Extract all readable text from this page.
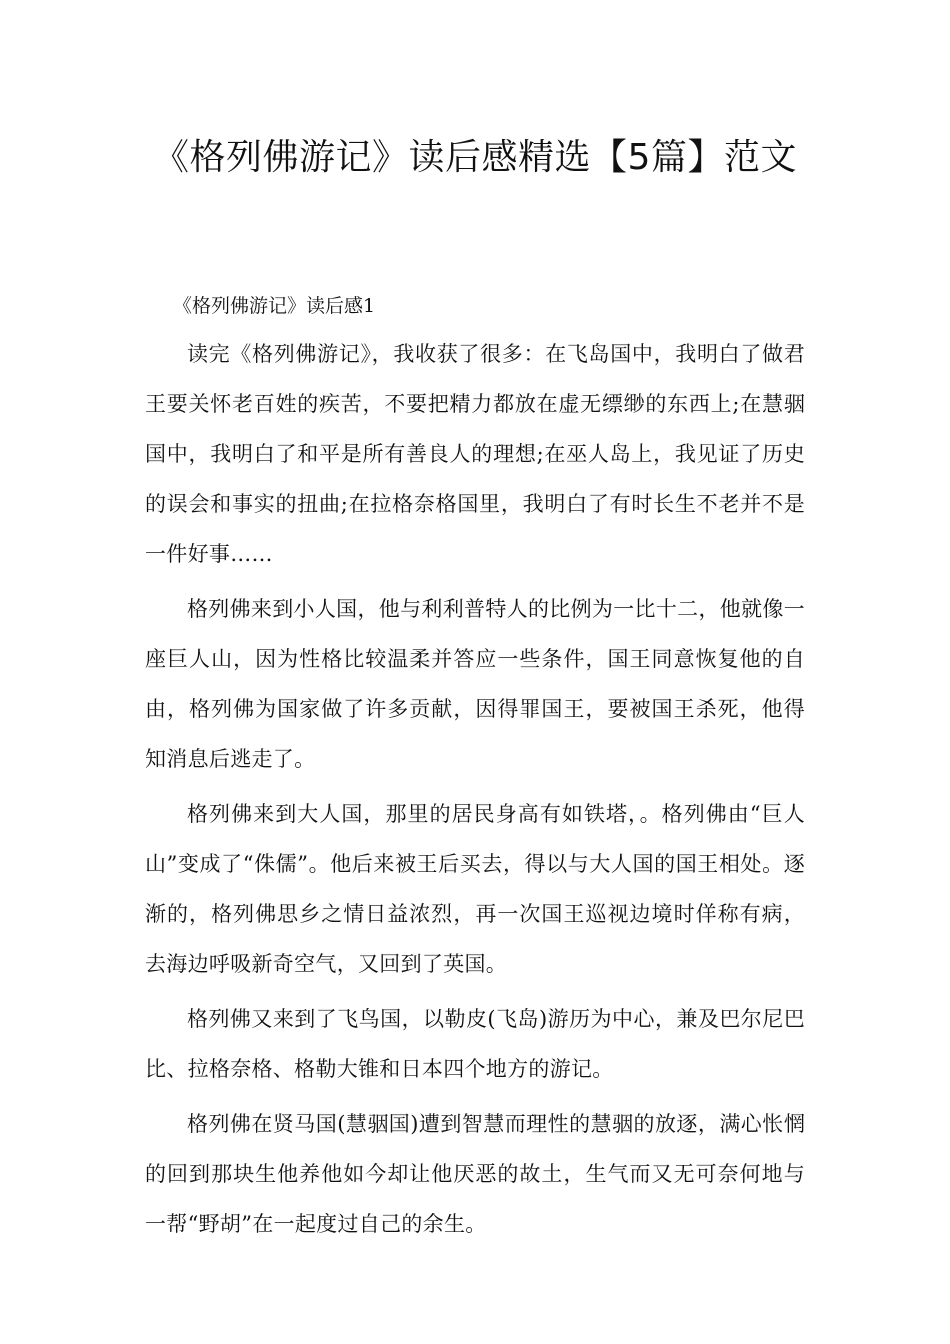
《格列佛游记》读后感精选【5篇】范文
《格列佛游记》读后感1

读完《格列佛游记》，我收获了很多：在飞岛国中，我明白了做君王要关怀老百姓的疾苦，不要把精力都放在虚无缥缈的东西上;在慧骃国中，我明白了和平是所有善良人的理想;在巫人岛上，我见证了历史的误会和事实的扭曲;在拉格奈格国里，我明白了有时长生不老并不是一件好事……

格列佛来到小人国，他与利利普特人的比例为一比十二，他就像一座巨人山，因为性格比较温柔并答应一些条件，国王同意恢复他的自由，格列佛为国家做了许多贡献，因得罪国王，要被国王杀死，他得知消息后逃走了。

格列佛来到大人国，那里的居民身高有如铁塔，。格列佛由“巨人山”变成了“侏儒”。他后来被王后买去，得以与大人国的国王相处。逐渐的，格列佛思乡之情日益浓烈，再一次国王巡视边境时佯称有病，去海边呼吸新奇空气，又回到了英国。

格列佛又来到了飞鸟国，以勒皮(飞岛)游历为中心，兼及巴尔尼巴比、拉格奈格、格勒大锥和日本四个地方的游记。

格列佛在贤马国(慧骃国)遭到智慧而理性的慧骃的放逐，满心怅惘的回到那块生他养他如今却让他厌恶的故土，生气而又无可奈何地与一帮“野胡”在一起度过自己的余生。
